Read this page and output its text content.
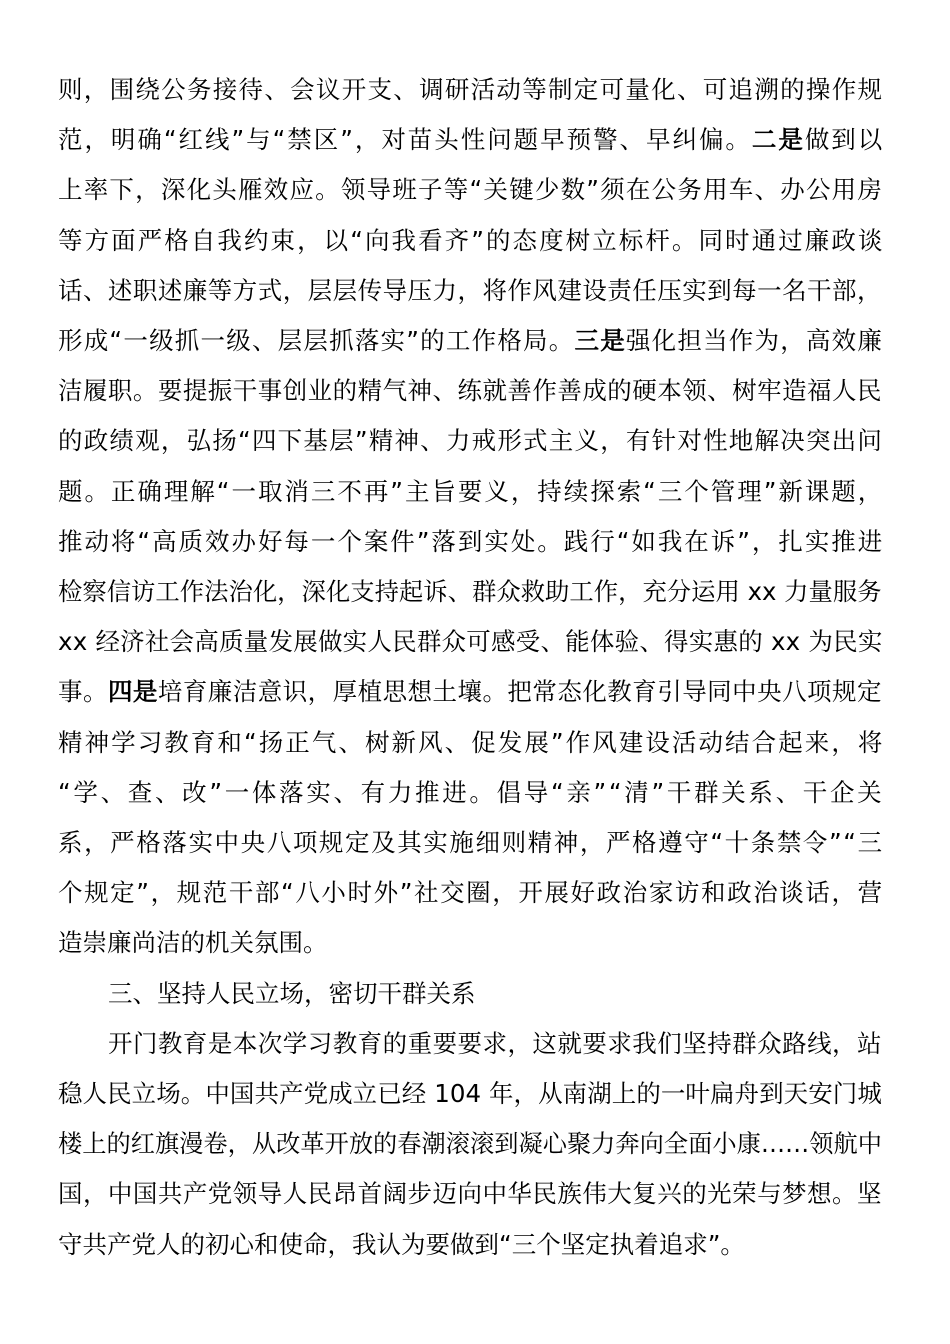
则，围绕公务接待、会议开支、调研活动等制定可量化、可追溯的操作规
范，明确“红线”与“禁区”，对苗头性问题早预警、早纠偏。二是做到以
上率下，深化头雁效应。领导班子等“关键少数”须在公务用车、办公用房
等方面严格自我约束，以“向我看齐”的态度树立标杆。同时通过廉政谈
话、述职述廉等方式，层层传导压力，将作风建设责任压实到每一名干部，
形成“一级抓一级、层层抓落实”的工作格局。三是强化担当作为，高效廉
洁履职。要提振干事创业的精气神、练就善作善成的硬本领、树牢造福人民
的政绩观，弘扬“四下基层”精神、力戒形式主义，有针对性地解决突出问
题。正确理解“一取消三不再”主旨要义，持续探索“三个管理”新课题，
推动将“高质效办好每一个案件”落到实处。践行“如我在诉”，扎实推进
检察信访工作法治化，深化支持起诉、群众救助工作，充分运用 xx 力量服务
xx 经济社会高质量发展做实人民群众可感受、能体验、得实惠的 xx 为民实
事。四是培育廉洁意识，厚植思想土壤。把常态化教育引导同中央八项规定
精神学习教育和“扬正气、树新风、促发展”作风建设活动结合起来，将
“学、查、改”一体落实、有力推进。倡导“亲”“清”干群关系、干企关
系，严格落实中央八项规定及其实施细则精神，严格遵守“十条禁令”“三
个规定”，规范干部“八小时外”社交圈，开展好政治家访和政治谈话，营
造崇廉尚洁的机关氛围。
三、坚持人民立场，密切干群关系
开门教育是本次学习教育的重要要求，这就要求我们坚持群众路线，站
稳人民立场。中国共产党成立已经 104 年，从南湖上的一叶扁舟到天安门城
楼上的红旗漫卷，从改革开放的春潮滚滚到凝心聚力奔向全面小康……领航中
国，中国共产党领导人民昂首阔步迈向中华民族伟大复兴的光荣与梦想。坚
守共产党人的初心和使命，我认为要做到“三个坚定执着追求”。
